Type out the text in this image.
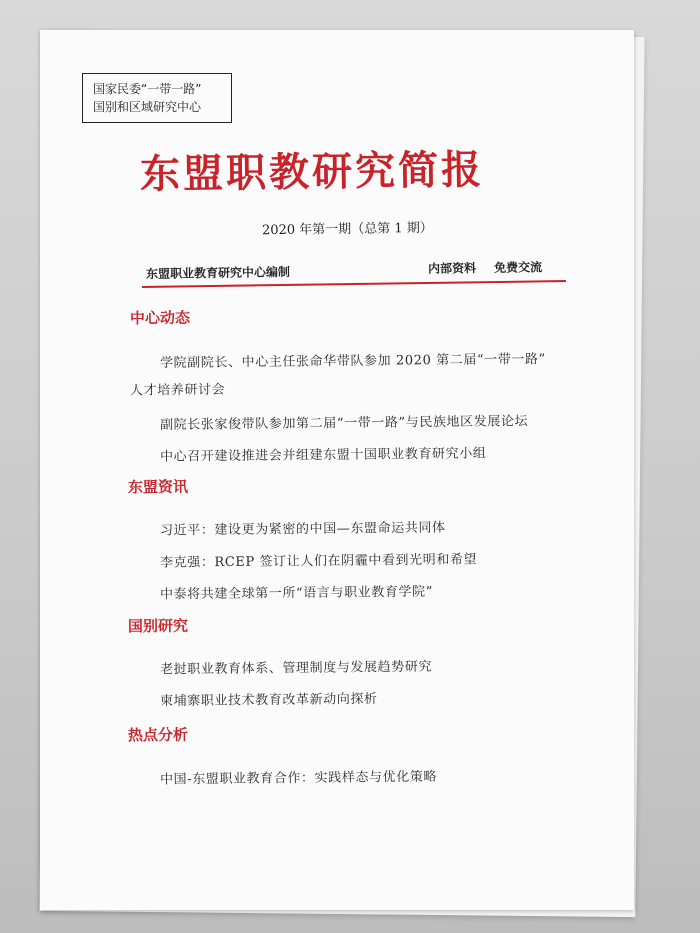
国家民委“一带一路”
国别和区域研究中心
东盟职教研究简报
2020 年第一期（总第 1 期）
东盟职业教育研究中心编制	内部资料 免费交流
中心动态
学院副院长、中心主任张命华带队参加 2020 第二届“一带一路”
人才培养研讨会
副院长张家俊带队参加第二届“一带一路”与民族地区发展论坛
中心召开建设推进会并组建东盟十国职业教育研究小组
东盟资讯
习近平：建设更为紧密的中国—东盟命运共同体
李克强：RCEP 签订让人们在阴霾中看到光明和希望
中泰将共建全球第一所“语言与职业教育学院”
国别研究
老挝职业教育体系、管理制度与发展趋势研究
柬埔寨职业技术教育改革新动向探析
热点分析
中国-东盟职业教育合作：实践样态与优化策略
